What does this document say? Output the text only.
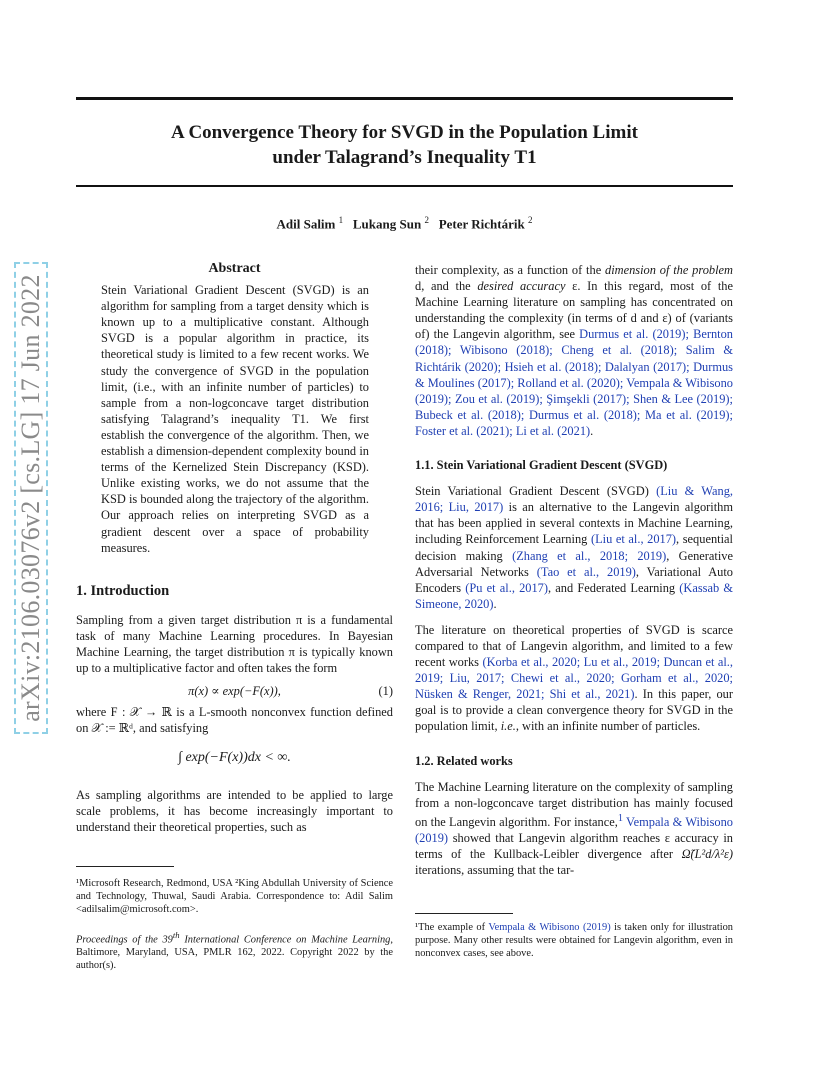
A Convergence Theory for SVGD in the Population Limit
under Talagrand’s Inequality T1
Adil Salim $^1$ Lukang Sun $^2$ Peter Richtárik $^2$
arXiv:2106.03076v2 [cs.LG] 17 Jun 2022
Abstract
Stein Variational Gradient Descent (SVGD) is an algorithm for sampling from a target density which is known up to a multiplicative constant. Although SVGD is a popular algorithm in practice, its theoretical study is limited to a few recent works. We study the convergence of SVGD in the population limit, (i.e., with an infinite number of particles) to sample from a non-logconcave target distribution satisfying Talagrand’s inequality T1. We first establish the convergence of the algorithm. Then, we establish a dimension-dependent complexity bound in terms of the Kernelized Stein Discrepancy (KSD). Unlike existing works, we do not assume that the KSD is bounded along the trajectory of the algorithm. Our approach relies on interpreting SVGD as a gradient descent over a space of probability measures.
1. Introduction

Sampling from a given target distribution π is a fundamental task of many Machine Learning procedures. In Bayesian Machine Learning, the target distribution π is typically known up to a multiplicative factor and often takes the form

π(x) ∝ exp(−F(x)),	(1)

where F : 𝒳 → ℝ is a L-smooth nonconvex function defined on 𝒳 := ℝᵈ, and satisfying

∫ exp(−F(x))dx < ∞.

As sampling algorithms are intended to be applied to large scale problems, it has become increasingly important to understand their theoretical properties, such as

¹Microsoft Research, Redmond, USA ²King Abdullah University of Science and Technology, Thuwal, Saudi Arabia. Correspondence to: Adil Salim <adilsalim@microsoft.com>.

Proceedings of the 39th International Conference on Machine Learning, Baltimore, Maryland, USA, PMLR 162, 2022. Copyright 2022 by the author(s).

their complexity, as a function of the dimension of the problem d, and the desired accuracy ε. In this regard, most of the Machine Learning literature on sampling has concentrated on understanding the complexity (in terms of d and ε) of (variants of) the Langevin algorithm, see Durmus et al. (2019); Bernton (2018); Wibisono (2018); Cheng et al. (2018); Salim & Richtárik (2020); Hsieh et al. (2018); Dalalyan (2017); Durmus & Moulines (2017); Rolland et al. (2020); Vempala & Wibisono (2019); Zou et al. (2019); Şimşekli (2017); Shen & Lee (2019); Bubeck et al. (2018); Durmus et al. (2018); Ma et al. (2019); Foster et al. (2021); Li et al. (2021).

1.1. Stein Variational Gradient Descent (SVGD)

Stein Variational Gradient Descent (SVGD) (Liu & Wang, 2016; Liu, 2017) is an alternative to the Langevin algorithm that has been applied in several contexts in Machine Learning, including Reinforcement Learning (Liu et al., 2017), sequential decision making (Zhang et al., 2018; 2019), Generative Adversarial Networks (Tao et al., 2019), Variational Auto Encoders (Pu et al., 2017), and Federated Learning (Kassab & Simeone, 2020).

The literature on theoretical properties of SVGD is scarce compared to that of Langevin algorithm, and limited to a few recent works (Korba et al., 2020; Lu et al., 2019; Duncan et al., 2019; Liu, 2017; Chewi et al., 2020; Gorham et al., 2020; Nüsken & Renger, 2021; Shi et al., 2021). In this paper, our goal is to provide a clean convergence theory for SVGD in the population limit, i.e., with an infinite number of particles.

1.2. Related works

The Machine Learning literature on the complexity of sampling from a non-logconcave target distribution has mainly focused on the Langevin algorithm. For instance,$^1$ Vempala & Wibisono (2019) showed that Langevin algorithm reaches ε accuracy in terms of the Kullback-Leibler divergence after Ω̃(L²d/λ²ε) iterations, assuming that the tar-

¹The example of Vempala & Wibisono (2019) is taken only for illustration purpose. Many other results were obtained for Langevin algorithm, even in nonconvex cases, see above.
